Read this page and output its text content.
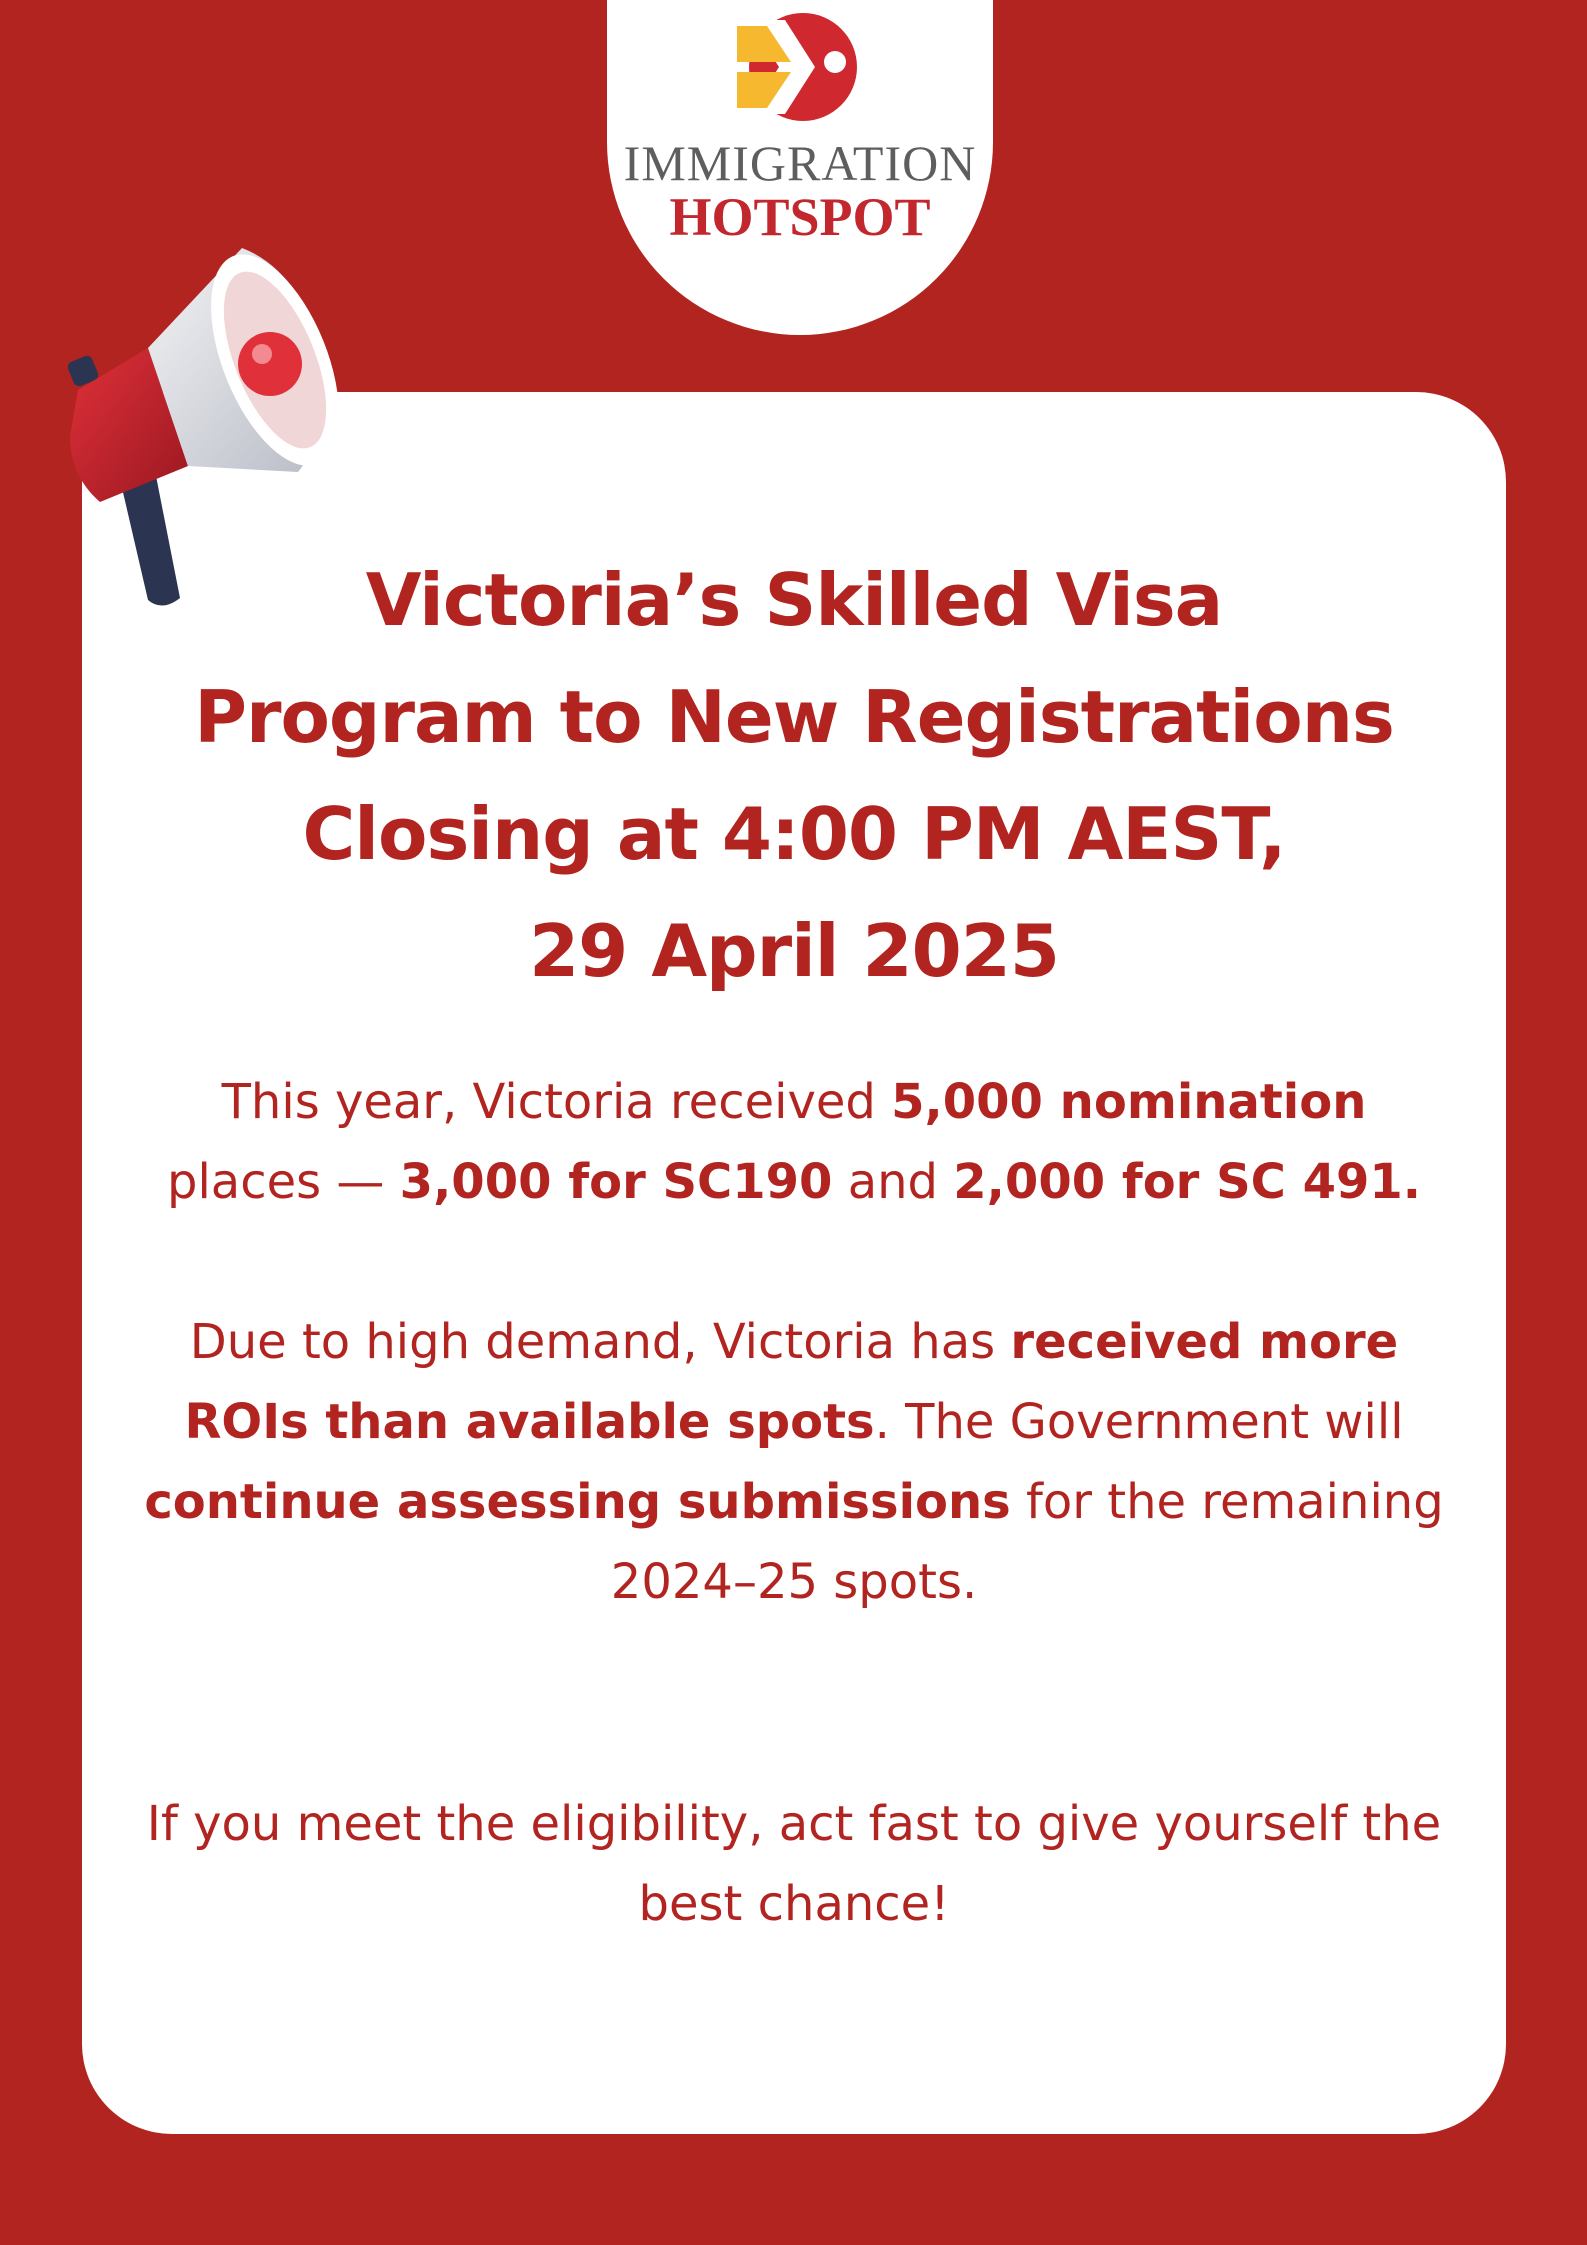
IMMIGRATION
HOTSPOT
Victoria’s Skilled Visa
Program to New Registrations
Closing at 4:00 PM AEST,
29 April 2025

This year, Victoria received 5,000 nomination
places — 3,000 for SC190 and 2,000 for SC 491.

Due to high demand, Victoria has received more ROIs than available spots. The Government will continue assessing submissions for the remaining 2024–25 spots.

If you meet the eligibility, act fast to give yourself the best chance!
